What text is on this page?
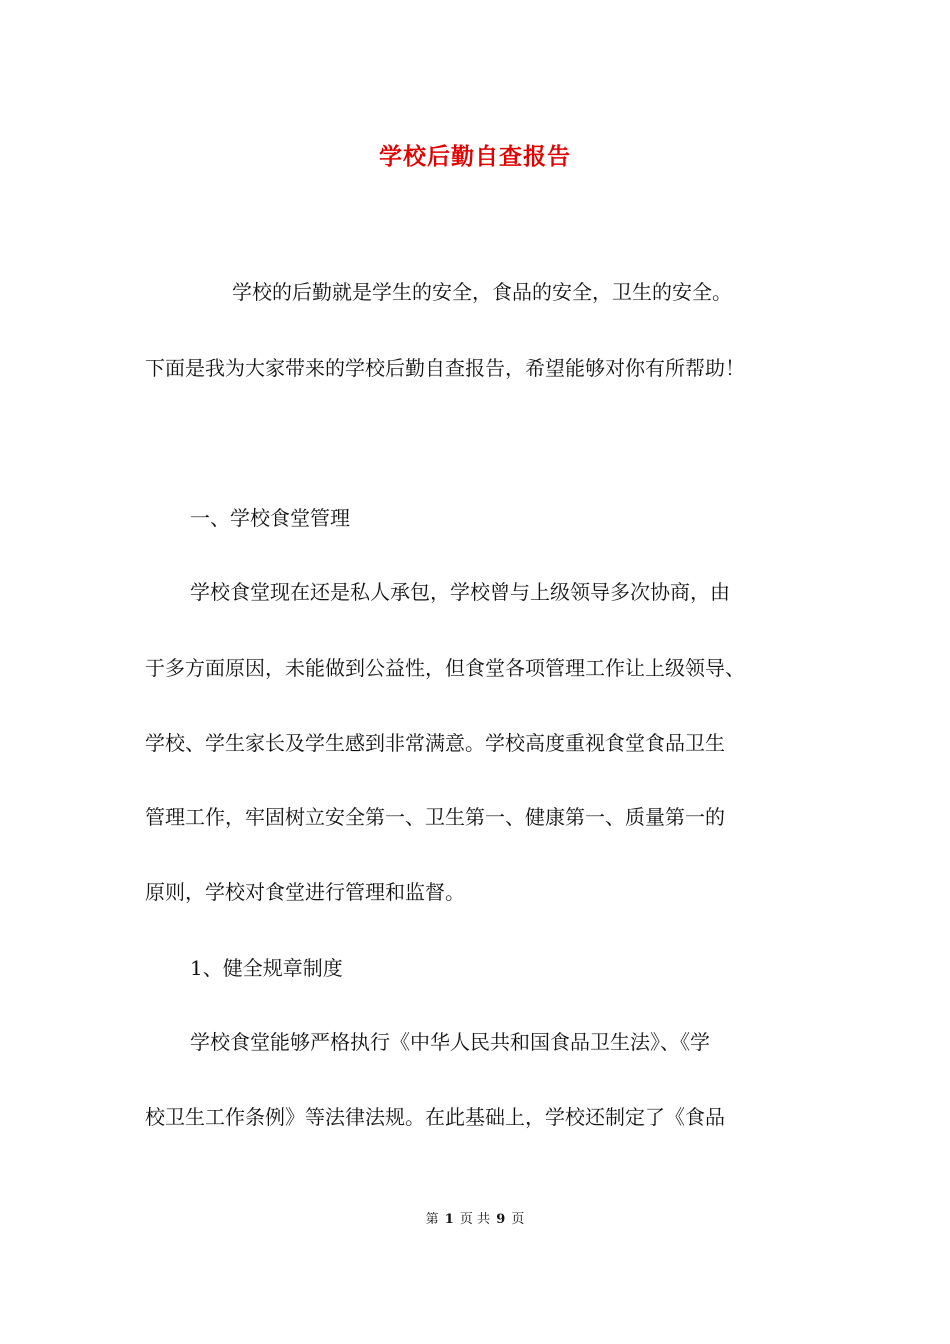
学校后勤自查报告
学校的后勤就是学生的安全，食品的安全，卫生的安全。
下面是我为大家带来的学校后勤自查报告，希望能够对你有所帮助！
一、学校食堂管理
学校食堂现在还是私人承包，学校曾与上级领导多次协商，由
于多方面原因，未能做到公益性，但食堂各项管理工作让上级领导、
学校、学生家长及学生感到非常满意。学校高度重视食堂食品卫生
管理工作，牢固树立安全第一、卫生第一、健康第一、质量第一的
原则，学校对食堂进行管理和监督。
1、健全规章制度
学校食堂能够严格执行《中华人民共和国食品卫生法》、《学
校卫生工作条例》等法律法规。在此基础上，学校还制定了《食品
第 1 页 共 9 页
